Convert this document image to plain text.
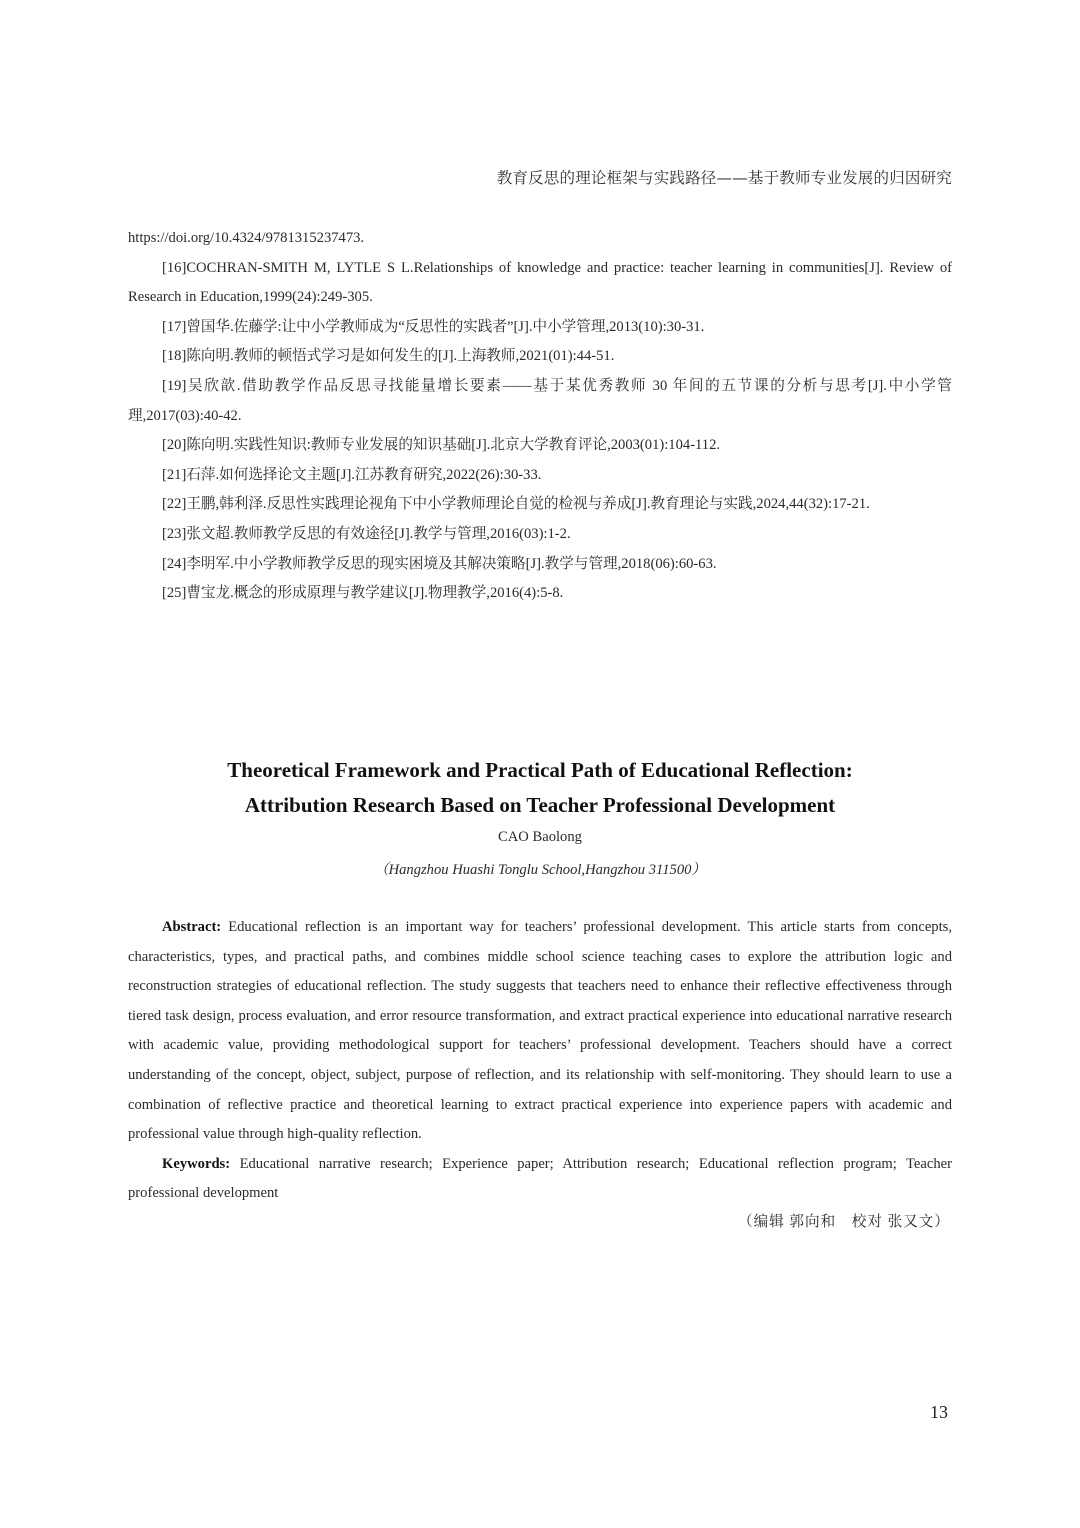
教育反思的理论框架与实践路径——基于教师专业发展的归因研究

https://doi.org/10.4324/9781315237473.

[16]COCHRAN-SMITH M, LYTLE S L.Relationships of knowledge and practice: teacher learning in communities[J]. Review of Research in Education,1999(24):249-305.

[17]曾国华.佐藤学:让中小学教师成为“反思性的实践者”[J].中小学管理,2013(10):30-31.

[18]陈向明.教师的顿悟式学习是如何发生的[J].上海教师,2021(01):44-51.

[19]吴欣歆.借助教学作品反思寻找能量增长要素——基于某优秀教师 30 年间的五节课的分析与思考[J].中小学管理,2017(03):40-42.

[20]陈向明.实践性知识:教师专业发展的知识基础[J].北京大学教育评论,2003(01):104-112.

[21]石萍.如何选择论文主题[J].江苏教育研究,2022(26):30-33.

[22]王鹏,韩利泽.反思性实践理论视角下中小学教师理论自觉的检视与养成[J].教育理论与实践,2024,44(32):17-21.

[23]张文超.教师教学反思的有效途径[J].教学与管理,2016(03):1-2.

[24]李明军.中小学教师教学反思的现实困境及其解决策略[J].教学与管理,2018(06):60-63.

[25]曹宝龙.概念的形成原理与教学建议[J].物理教学,2016(4):5-8.

Theoretical Framework and Practical Path of Educational Reflection:
Attribution Research Based on Teacher Professional Development
CAO Baolong
（Hangzhou Huashi Tonglu School,Hangzhou 311500）

Abstract: Educational reflection is an important way for teachers’ professional development. This article starts from concepts, characteristics, types, and practical paths, and combines middle school science teaching cases to explore the attribution logic and reconstruction strategies of educational reflection. The study suggests that teachers need to enhance their reflective effectiveness through tiered task design, process evaluation, and error resource transformation, and extract practical experience into educational narrative research with academic value, providing methodological support for teachers’ professional development. Teachers should have a correct understanding of the concept, object, subject, purpose of reflection, and its relationship with self-monitoring. They should learn to use a combination of reflective practice and theoretical learning to extract practical experience into experience papers with academic and professional value through high-quality reflection.

Keywords: Educational narrative research; Experience paper; Attribution research; Educational reflection program; Teacher professional development

（编辑 郭向和　校对 张又文）
13
